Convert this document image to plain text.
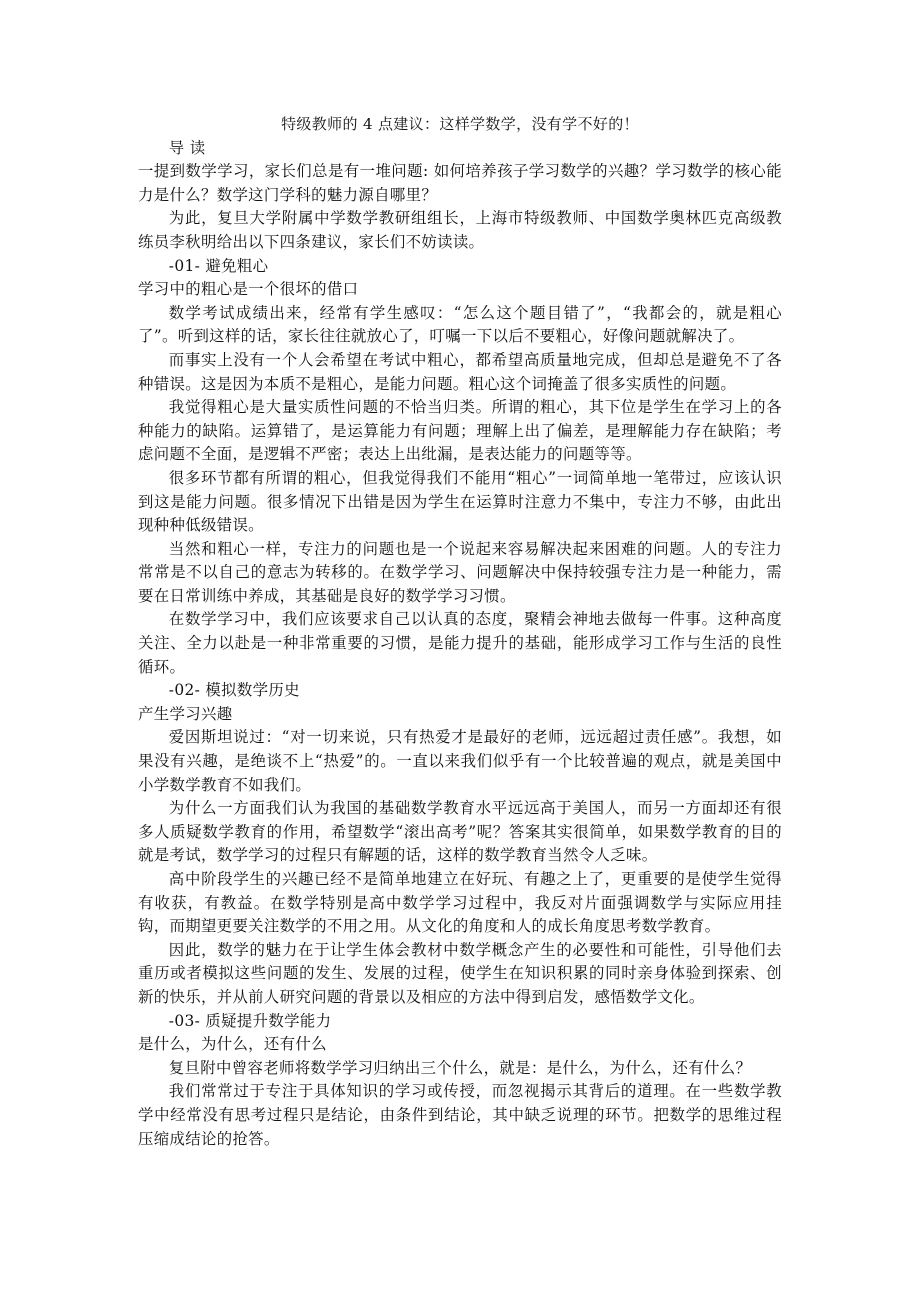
特级教师的 4 点建议：这样学数学，没有学不好的！

导 读

一提到数学学习，家长们总是有一堆问题: 如何培养孩子学习数学的兴趣？学习数学的核心能力是什么？数学这门学科的魅力源自哪里？

为此，复旦大学附属中学数学教研组组长，上海市特级教师、中国数学奥林匹克高级教练员李秋明给出以下四条建议，家长们不妨读读。

-01- 避免粗心

学习中的粗心是一个很坏的借口

数学考试成绩出来，经常有学生感叹：“怎么这个题目错了”，“我都会的，就是粗心了”。听到这样的话，家长往往就放心了，叮嘱一下以后不要粗心，好像问题就解决了。

而事实上没有一个人会希望在考试中粗心，都希望高质量地完成，但却总是避免不了各种错误。这是因为本质不是粗心，是能力问题。粗心这个词掩盖了很多实质性的问题。

我觉得粗心是大量实质性问题的不恰当归类。所谓的粗心，其下位是学生在学习上的各种能力的缺陷。运算错了，是运算能力有问题；理解上出了偏差，是理解能力存在缺陷；考虑问题不全面，是逻辑不严密；表达上出纰漏，是表达能力的问题等等。

很多环节都有所谓的粗心，但我觉得我们不能用“粗心”一词简单地一笔带过，应该认识到这是能力问题。很多情况下出错是因为学生在运算时注意力不集中，专注力不够，由此出现种种低级错误。

当然和粗心一样，专注力的问题也是一个说起来容易解决起来困难的问题。人的专注力常常是不以自己的意志为转移的。在数学学习、问题解决中保持较强专注力是一种能力，需要在日常训练中养成，其基础是良好的数学学习习惯。

在数学学习中，我们应该要求自己以认真的态度，聚精会神地去做每一件事。这种高度关注、全力以赴是一种非常重要的习惯，是能力提升的基础，能形成学习工作与生活的良性循环。

-02- 模拟数学历史

产生学习兴趣

爱因斯坦说过：“对一切来说，只有热爱才是最好的老师，远远超过责任感”。我想，如果没有兴趣，是绝谈不上“热爱”的。一直以来我们似乎有一个比较普遍的观点，就是美国中小学数学教育不如我们。

为什么一方面我们认为我国的基础数学教育水平远远高于美国人，而另一方面却还有很多人质疑数学教育的作用，希望数学“滚出高考”呢？答案其实很简单，如果数学教育的目的就是考试，数学学习的过程只有解题的话，这样的数学教育当然令人乏味。

高中阶段学生的兴趣已经不是简单地建立在好玩、有趣之上了，更重要的是使学生觉得有收获，有教益。在数学特别是高中数学学习过程中，我反对片面强调数学与实际应用挂钩，而期望更要关注数学的不用之用。从文化的角度和人的成长角度思考数学教育。

因此，数学的魅力在于让学生体会教材中数学概念产生的必要性和可能性，引导他们去重历或者模拟这些问题的发生、发展的过程，使学生在知识积累的同时亲身体验到探索、创新的快乐，并从前人研究问题的背景以及相应的方法中得到启发，感悟数学文化。

-03- 质疑提升数学能力

是什么，为什么，还有什么

复旦附中曾容老师将数学学习归纳出三个什么，就是：是什么，为什么，还有什么？

我们常常过于专注于具体知识的学习或传授，而忽视揭示其背后的道理。在一些数学教学中经常没有思考过程只是结论，由条件到结论，其中缺乏说理的环节。把数学的思维过程压缩成结论的抢答。
